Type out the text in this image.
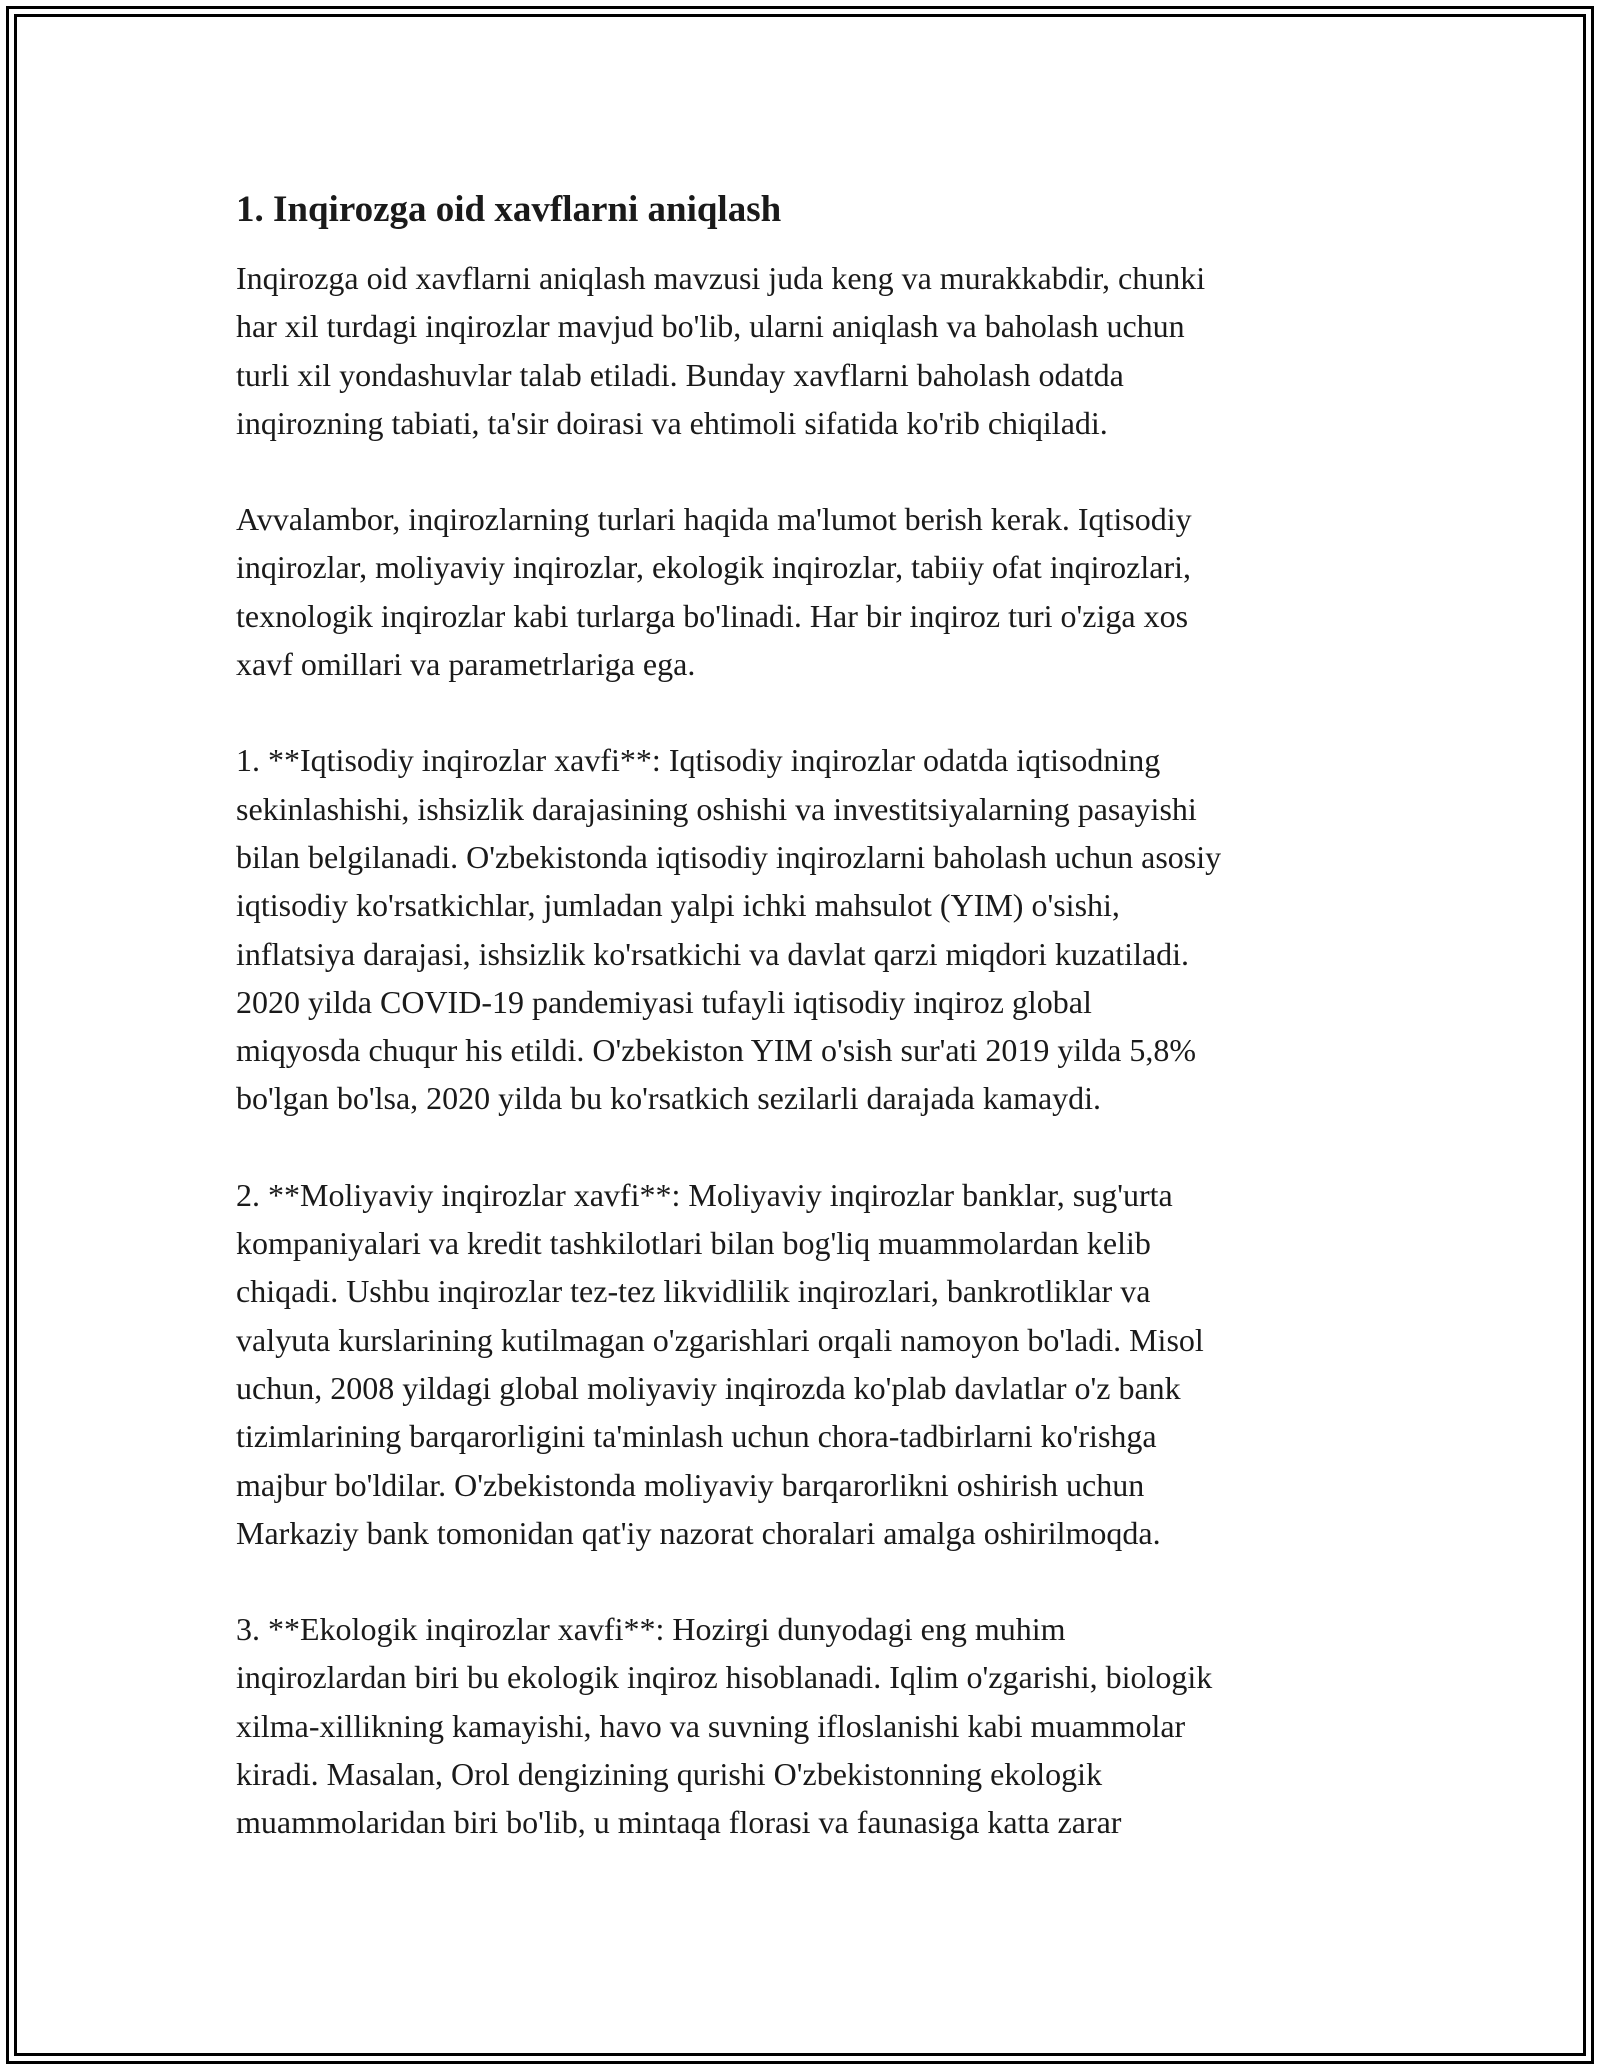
1. Inqirozga oid xavflarni aniqlash

Inqirozga oid xavflarni aniqlash mavzusi juda keng va murakkabdir, chunki
har xil turdagi inqirozlar mavjud bo'lib, ularni aniqlash va baholash uchun
turli xil yondashuvlar talab etiladi. Bunday xavflarni baholash odatda
inqirozning tabiati, ta'sir doirasi va ehtimoli sifatida ko'rib chiqiladi.

Avvalambor, inqirozlarning turlari haqida ma'lumot berish kerak. Iqtisodiy
inqirozlar, moliyaviy inqirozlar, ekologik inqirozlar, tabiiy ofat inqirozlari,
texnologik inqirozlar kabi turlarga bo'linadi. Har bir inqiroz turi o'ziga xos
xavf omillari va parametrlariga ega.

1. **Iqtisodiy inqirozlar xavfi**: Iqtisodiy inqirozlar odatda iqtisodning
sekinlashishi, ishsizlik darajasining oshishi va investitsiyalarning pasayishi
bilan belgilanadi. O'zbekistonda iqtisodiy inqirozlarni baholash uchun asosiy
iqtisodiy ko'rsatkichlar, jumladan yalpi ichki mahsulot (YIM) o'sishi,
inflatsiya darajasi, ishsizlik ko'rsatkichi va davlat qarzi miqdori kuzatiladi.
2020 yilda COVID-19 pandemiyasi tufayli iqtisodiy inqiroz global
miqyosda chuqur his etildi. O'zbekiston YIM o'sish sur'ati 2019 yilda 5,8%
bo'lgan bo'lsa, 2020 yilda bu ko'rsatkich sezilarli darajada kamaydi.

2. **Moliyaviy inqirozlar xavfi**: Moliyaviy inqirozlar banklar, sug'urta
kompaniyalari va kredit tashkilotlari bilan bog'liq muammolardan kelib
chiqadi. Ushbu inqirozlar tez-tez likvidlilik inqirozlari, bankrotliklar va
valyuta kurslarining kutilmagan o'zgarishlari orqali namoyon bo'ladi. Misol
uchun, 2008 yildagi global moliyaviy inqirozda ko'plab davlatlar o'z bank
tizimlarining barqarorligini ta'minlash uchun chora-tadbirlarni ko'rishga
majbur bo'ldilar. O'zbekistonda moliyaviy barqarorlikni oshirish uchun
Markaziy bank tomonidan qat'iy nazorat choralari amalga oshirilmoqda.

3. **Ekologik inqirozlar xavfi**: Hozirgi dunyodagi eng muhim
inqirozlardan biri bu ekologik inqiroz hisoblanadi. Iqlim o'zgarishi, biologik
xilma-xillikning kamayishi, havo va suvning ifloslanishi kabi muammolar
kiradi. Masalan, Orol dengizining qurishi O'zbekistonning ekologik
muammolaridan biri bo'lib, u mintaqa florasi va faunasiga katta zarar
